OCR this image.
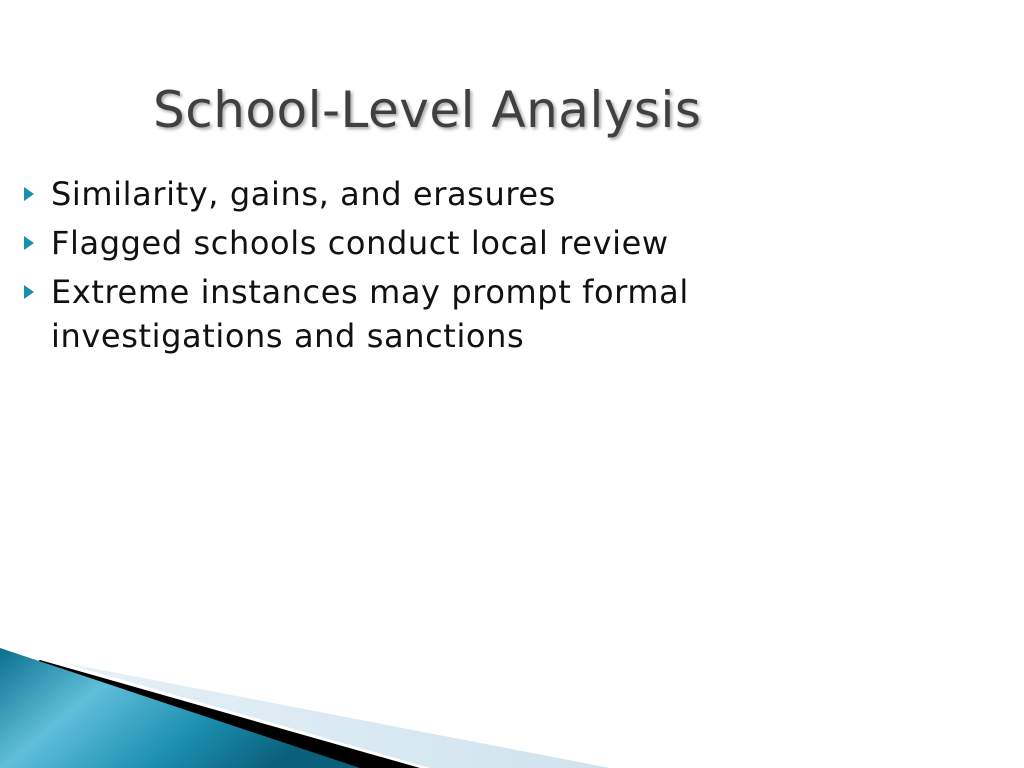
School-Level Analysis
Similarity, gains, and erasures
Flagged schools conduct local review
Extreme instances may prompt formal investigations and sanctions
